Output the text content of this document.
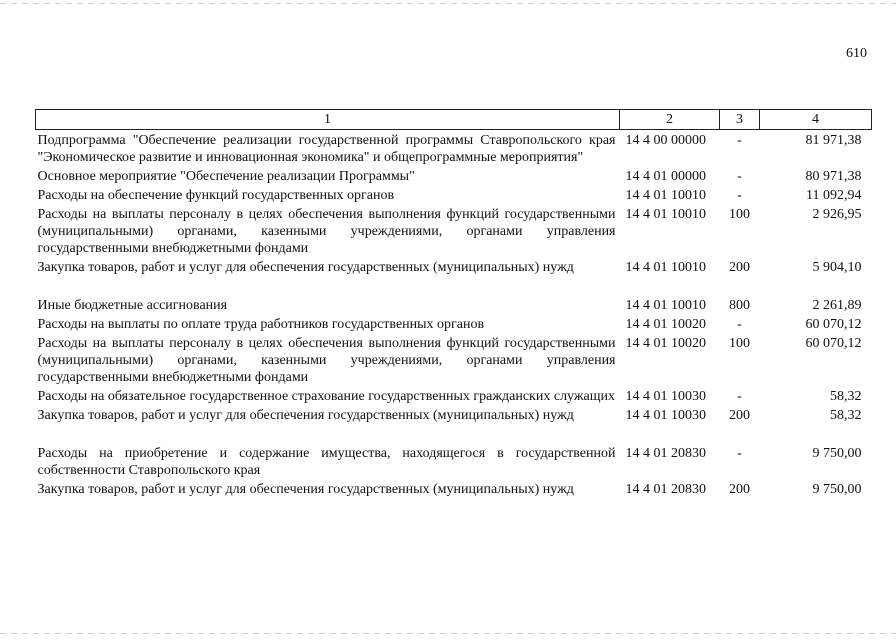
610
1	2	3	4
Подпрограмма "Обеспечение реализации государственной программы Ставропольского края "Экономическое развитие и инновационная экономика" и общепрограммные мероприятия"	14 4 00 00000	-	81 971,38
Основное мероприятие "Обеспечение реализации Программы"	14 4 01 00000	-	80 971,38
Расходы на обеспечение функций государственных органов	14 4 01 10010	-	11 092,94
Расходы на выплаты персоналу в целях обеспечения выполнения функций государственными (муниципальными) органами, казенными учреждениями, органами управления государственными внебюджетными фондами	14 4 01 10010	100	2 926,95
Закупка товаров, работ и услуг для обеспечения государственных (муниципальных) нужд	14 4 01 10010	200	5 904,10
Иные бюджетные ассигнования	14 4 01 10010	800	2 261,89
Расходы на выплаты по оплате труда работников государственных органов	14 4 01 10020	-	60 070,12
Расходы на выплаты персоналу в целях обеспечения выполнения функций государственными (муниципальными) органами, казенными учреждениями, органами управления государственными внебюджетными фондами	14 4 01 10020	100	60 070,12
Расходы на обязательное государственное страхование государственных гражданских служащих	14 4 01 10030	-	58,32
Закупка товаров, работ и услуг для обеспечения государственных (муниципальных) нужд	14 4 01 10030	200	58,32
Расходы на приобретение и содержание имущества, находящегося в государственной собственности Ставропольского края	14 4 01 20830	-	9 750,00
Закупка товаров, работ и услуг для обеспечения государственных (муниципальных) нужд	14 4 01 20830	200	9 750,00
